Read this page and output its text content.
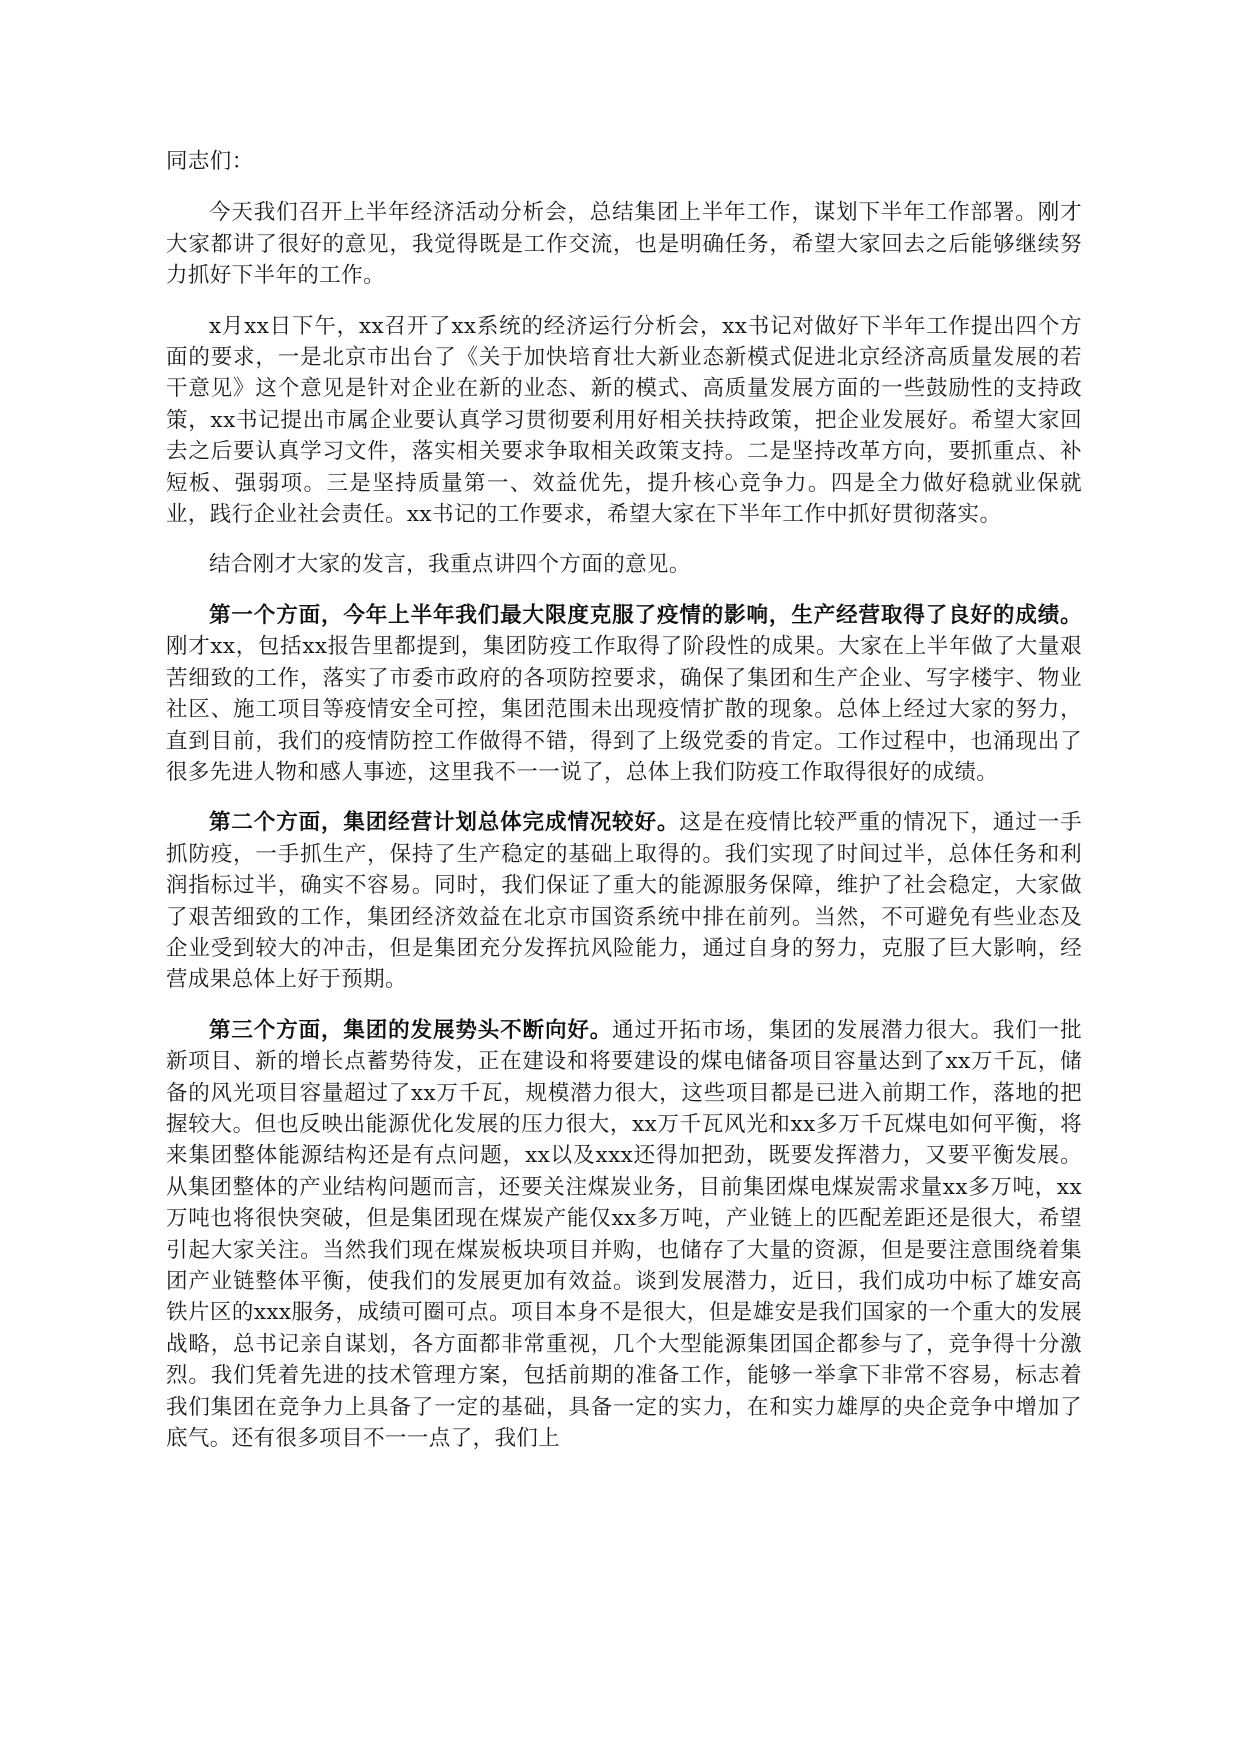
同志们：

今天我们召开上半年经济活动分析会，总结集团上半年工作，谋划下半年工作部署。刚才大家都讲了很好的意见，我觉得既是工作交流，也是明确任务，希望大家回去之后能够继续努力抓好下半年的工作。

x月xx日下午，xx召开了xx系统的经济运行分析会，xx书记对做好下半年工作提出四个方面的要求，一是北京市出台了《关于加快培育壮大新业态新模式促进北京经济高质量发展的若干意见》这个意见是针对企业在新的业态、新的模式、高质量发展方面的一些鼓励性的支持政策，xx书记提出市属企业要认真学习贯彻要利用好相关扶持政策，把企业发展好。希望大家回去之后要认真学习文件，落实相关要求争取相关政策支持。二是坚持改革方向，要抓重点、补短板、强弱项。三是坚持质量第一、效益优先，提升核心竞争力。四是全力做好稳就业保就业，践行企业社会责任。xx书记的工作要求，希望大家在下半年工作中抓好贯彻落实。

结合刚才大家的发言，我重点讲四个方面的意见。

第一个方面，今年上半年我们最大限度克服了疫情的影响，生产经营取得了良好的成绩。刚才xx，包括xx报告里都提到，集团防疫工作取得了阶段性的成果。大家在上半年做了大量艰苦细致的工作，落实了市委市政府的各项防控要求，确保了集团和生产企业、写字楼宇、物业社区、施工项目等疫情安全可控，集团范围未出现疫情扩散的现象。总体上经过大家的努力，直到目前，我们的疫情防控工作做得不错，得到了上级党委的肯定。工作过程中，也涌现出了很多先进人物和感人事迹，这里我不一一说了，总体上我们防疫工作取得很好的成绩。

第二个方面，集团经营计划总体完成情况较好。这是在疫情比较严重的情况下，通过一手抓防疫，一手抓生产，保持了生产稳定的基础上取得的。我们实现了时间过半，总体任务和利润指标过半，确实不容易。同时，我们保证了重大的能源服务保障，维护了社会稳定，大家做了艰苦细致的工作，集团经济效益在北京市国资系统中排在前列。当然，不可避免有些业态及企业受到较大的冲击，但是集团充分发挥抗风险能力，通过自身的努力，克服了巨大影响，经营成果总体上好于预期。

第三个方面，集团的发展势头不断向好。通过开拓市场，集团的发展潜力很大。我们一批新项目、新的增长点蓄势待发，正在建设和将要建设的煤电储备项目容量达到了xx万千瓦，储备的风光项目容量超过了xx万千瓦，规模潜力很大，这些项目都是已进入前期工作，落地的把握较大。但也反映出能源优化发展的压力很大，xx万千瓦风光和xx多万千瓦煤电如何平衡，将来集团整体能源结构还是有点问题，xx以及xxx还得加把劲，既要发挥潜力，又要平衡发展。从集团整体的产业结构问题而言，还要关注煤炭业务，目前集团煤电煤炭需求量xx多万吨，xx万吨也将很快突破，但是集团现在煤炭产能仅xx多万吨，产业链上的匹配差距还是很大，希望引起大家关注。当然我们现在煤炭板块项目并购，也储存了大量的资源，但是要注意围绕着集团产业链整体平衡，使我们的发展更加有效益。谈到发展潜力，近日，我们成功中标了雄安高铁片区的xxx服务，成绩可圈可点。项目本身不是很大，但是雄安是我们国家的一个重大的发展战略，总书记亲自谋划，各方面都非常重视，几个大型能源集团国企都参与了，竞争得十分激烈。我们凭着先进的技术管理方案，包括前期的准备工作，能够一举拿下非常不容易，标志着我们集团在竞争力上具备了一定的基础，具备一定的实力，在和实力雄厚的央企竞争中增加了底气。还有很多项目不一一点了，我们上
